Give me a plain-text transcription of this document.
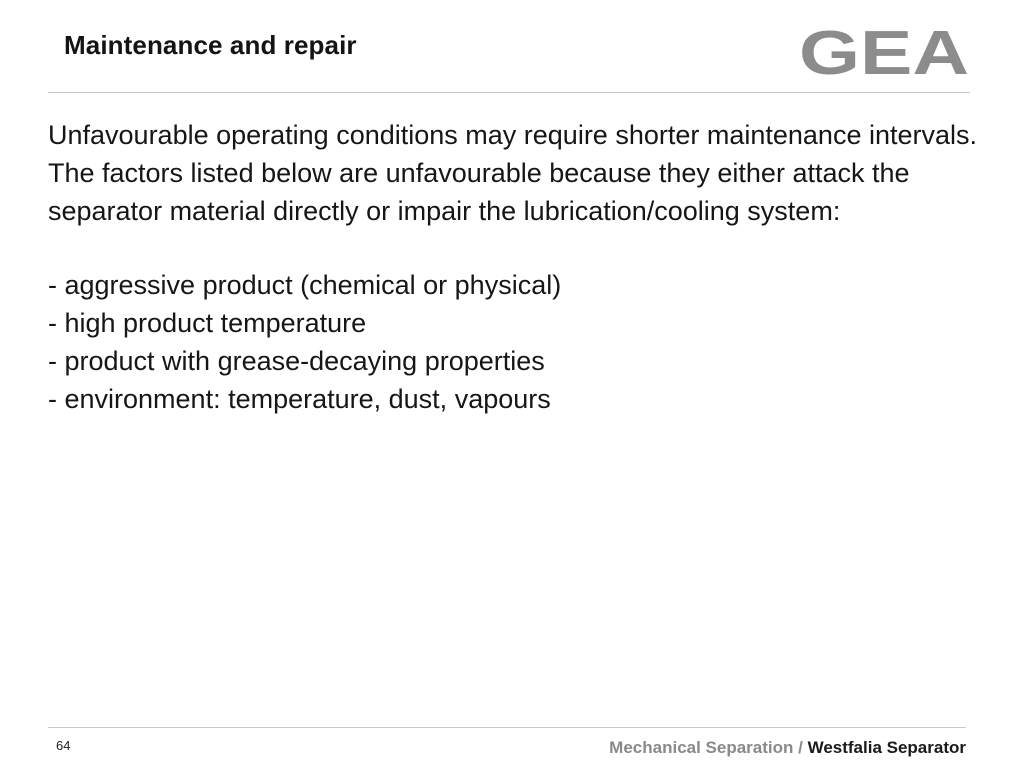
Maintenance and repair	GEA

Unfavourable operating conditions may require shorter maintenance intervals. The factors listed below are unfavourable because they either attack the separator material directly or impair the lubrication/cooling system:

- aggressive product (chemical or physical)
- high product temperature
- product with grease-decaying properties
- environment: temperature, dust, vapours
64	Mechanical Separation / Westfalia Separator
